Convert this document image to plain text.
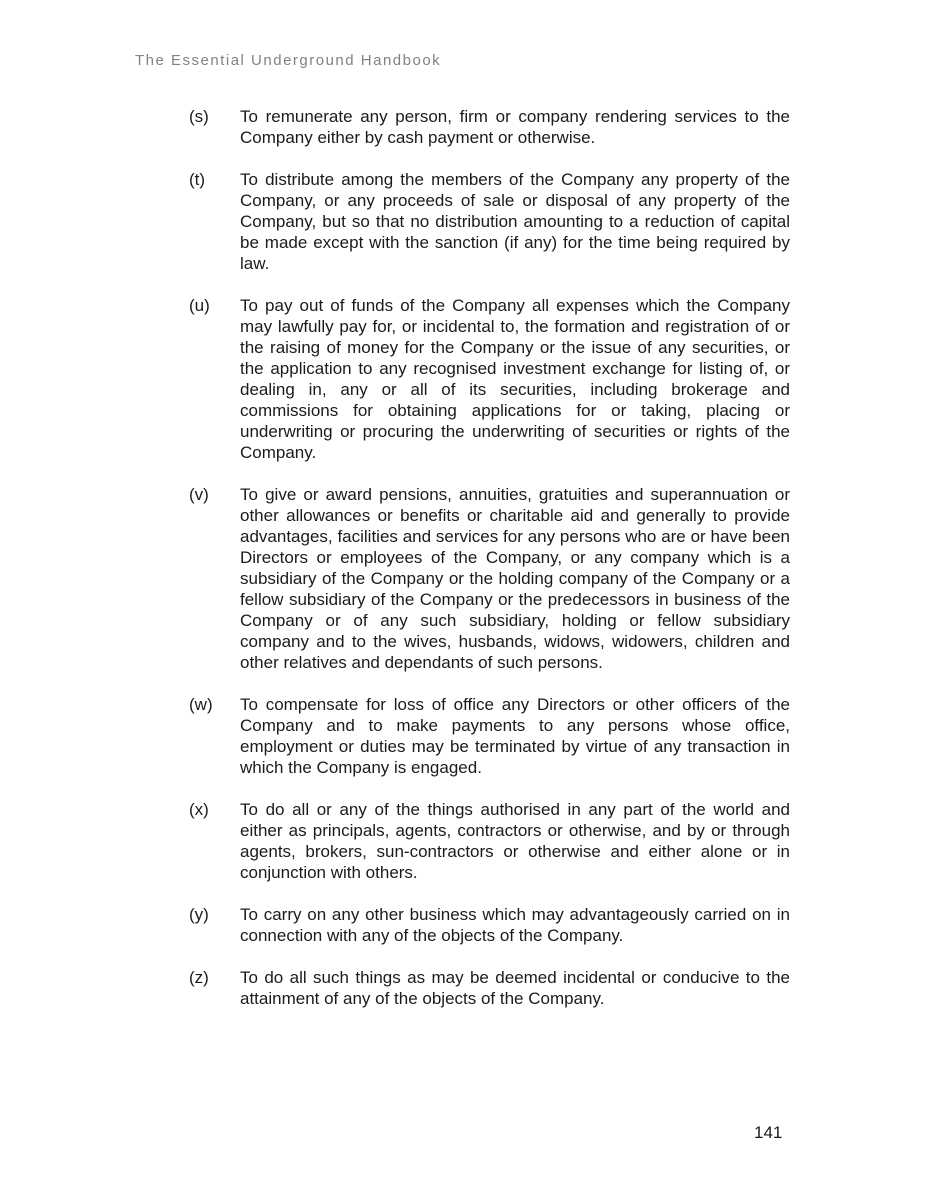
The Essential Underground Handbook
(s)	To remunerate any person, firm or company rendering services to the Company either by cash payment or otherwise.
(t)	To distribute among the members of the Company any property of the Company, or any proceeds of sale or disposal of any property of the Company, but so that no distribution amounting to a reduction of capital be made except with the sanction (if any) for the time being required by law.
(u)	To pay out of funds of the Company all expenses which the Company may lawfully pay for, or incidental to, the formation and registration of or the raising of money for the Company or the issue of any securities, or the application to any recognised investment exchange for listing of, or dealing in, any or all of its securities, including brokerage and commissions for obtaining applications for or taking, placing or underwriting or procuring the underwriting of securities or rights of the Company.
(v)	To give or award pensions, annuities, gratuities and superannuation or other allowances or benefits or charitable aid and generally to provide advantages, facilities and services for any persons who are or have been Directors or employees of the Company, or any company which is a subsidiary of the Company or the holding company of the Company or a fellow subsidiary of the Company or the predecessors in business of the Company or of any such subsidiary, holding or fellow subsidiary company and to the wives, husbands, widows, widowers, children and other relatives and dependants of such persons.
(w)	To compensate for loss of office any Directors or other officers of the Company and to make payments to any persons whose office, employment or duties may be terminated by virtue of any transaction in which the Company is engaged.
(x)	To do all or any of the things authorised in any part of the world and either as principals, agents, contractors or otherwise, and by or through agents, brokers, sun-contractors or otherwise and either alone or in conjunction with others.
(y)	To carry on any other business which may advantageously carried on in connection with any of the objects of the Company.
(z)	To do all such things as may be deemed incidental or conducive to the attainment of any of the objects of the Company.
141
